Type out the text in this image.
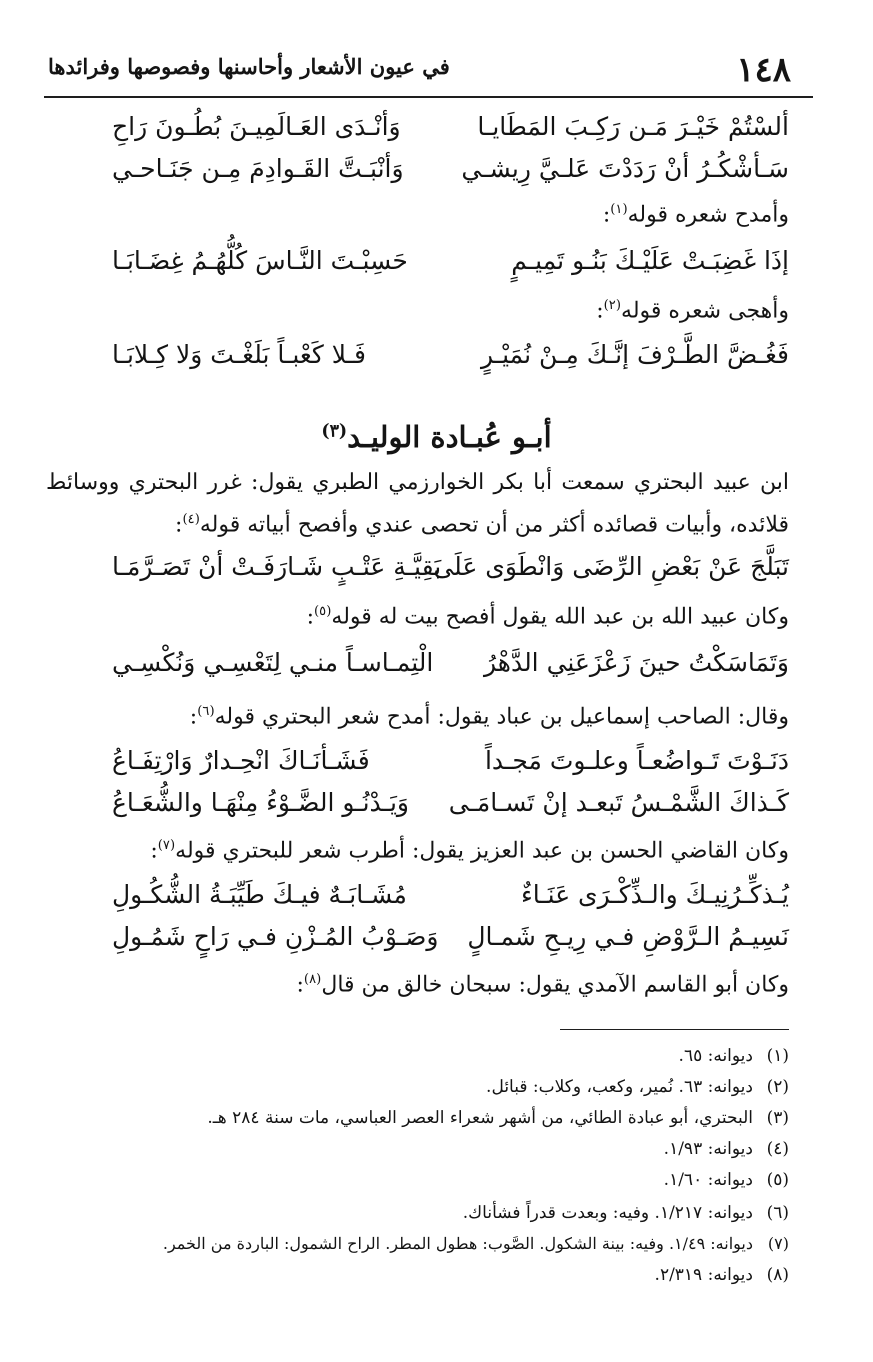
١٤٨
في عيون الأشعار وأحاسنها وفصوصها وفرائدها
ألسْتُمْ خَيْـرَ مَـن رَكِـبَ المَطَايـا
وَأنْـدَى العَـالَمِيـنَ بُطُـونَ رَاحِ
سَـأشْكُـرُ أنْ رَدَدْتَ عَلـيَّ رِيشـي
وَأنْبَـتَّ القَـوادِمَ مِـن جَنَـاحـي
وأمدح شعره قوله$^{(١)}$:
إذَا غَضِبَـتْ عَلَيْـكَ بَنُـو تَمِيـمٍ
حَسِبْـتَ النَّـاسَ كُلُّهُـمُ غِضَـابَـا
وأهجى شعره قوله$^{(٢)}$:
فَغُـضَّ الطَّـرْفَ إنَّـكَ مِـنْ نُمَيْـرٍ
فَـلا كَعْبـاً بَلَغْـتَ وَلا كِـلابَـا
أبـو عُبـادة الوليـد$^{(٣)}$
ابن عبيد البحتري سمعت أبا بكر الخوارزمي الطبري يقول: غرر البحتري ووسائط
قلائده، وأبيات قصائده أكثر من أن تحصى عندي وأفصح أبياته قوله$^{(٤)}$:
تَبَلَّجَ عَنْ بَعْضِ الرِّضَى وَانْطَوَى عَلَى
بَقِيَّـةِ عَتْـبٍ شَـارَفَـتْ أنْ تَصَـرَّمَـا
وكان عبيد الله بن عبد الله يقول أفصح بيت له قوله$^{(٥)}$:
وَتَمَاسَكْتُ حينَ زَعْزَعَنِي الدَّهْرُ
الْتِمـاسـاً منـي لِتَعْسِـي وَنُكْسِـي
وقال: الصاحب إسماعيل بن عباد يقول: أمدح شعر البحتري قوله$^{(٦)}$:
دَنَـوْتَ تَـواضُعـاً وعلـوتَ مَجـداً
فَشَـأنَـاكَ انْحِـدارٌ وَارْتِفَـاعُ
كَـذاكَ الشَّمْـسُ تَبعـد إنْ تَسـامَـى
وَيَـدْنُـو الضَّـوْءُ مِنْهَـا والشُّعَـاعُ
وكان القاضي الحسن بن عبد العزيز يقول: أطرب شعر للبحتري قوله$^{(٧)}$:
يُـذكِّـرُنِيـكَ والـذِّكْـرَى عَنَـاءٌ
مُشَـابَـهٌ فيـكَ طَيِّبَـةُ الشُّكُـولِ
نَسِيـمُ الـرَّوْضِ فـي رِيـحِ شَمـالٍ
وَصَـوْبُ المُـزْنِ فـي رَاحٍ شَمُـولِ
وكان أبو القاسم الآمدي يقول: سبحان خالق من قال$^{(٨)}$:
(١)ديوانه: ٦٥.
(٢)ديوانه: ٦٣. نُمير، وكعب، وكلاب: قبائل.
(٣)البحتري، أبو عبادة الطائي، من أشهر شعراء العصر العباسي، مات سنة ٢٨٤ هـ.
(٤)ديوانه: ١/٩٣.
(٥)ديوانه: ١/٦٠.
(٦)ديوانه: ١/٢١٧. وفيه: وبعدت قدراً فشأناك.
(٧)ديوانه: ١/٤٩. وفيه: بينة الشكول. الصَّوب: هطول المطر. الراح الشمول: الباردة من الخمر.
(٨)ديوانه: ٢/٣١٩.
